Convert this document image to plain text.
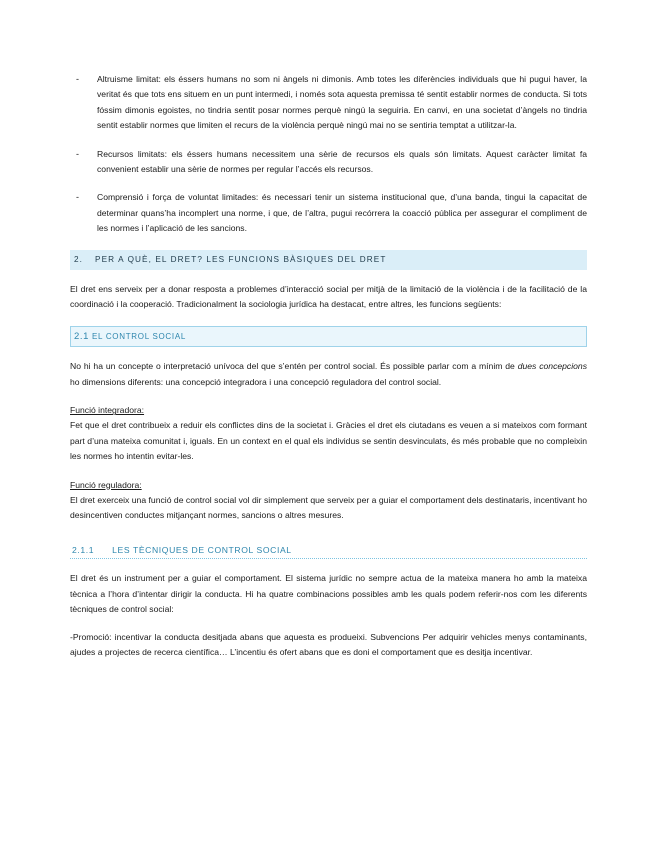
-	Altruisme limitat: els éssers humans no som ni àngels ni dimonis. Amb totes les diferències individuals que hi pugui haver, la veritat és que tots ens situem en un punt intermedi, i només sota aquesta premissa té sentit establir normes de conducta. Si tots fóssim dimonis egoistes, no tindria sentit posar normes perquè ningú la seguiria. En canvi, en una societat d’àngels no tindria sentit establir normes que limiten el recurs de la violència perquè ningú mai no se sentiria temptat a utilitzar-la.
-	Recursos limitats: els éssers humans necessitem una sèrie de recursos els quals són limitats. Aquest caràcter limitat fa convenient establir una sèrie de normes per regular l’accés els recursos.
-	Comprensió i força de voluntat limitades: és necessari tenir un sistema institucional que, d’una banda, tingui la capacitat de determinar quans’ha incomplert una norme, i que, de l’altra, pugui recórrera la coacció pública per assegurar el compliment de les normes i l’aplicació de les sancions.
2. PER A QUÈ, EL DRET? LES FUNCIONS BÀSIQUES DEL DRET

El dret ens serveix per a donar resposta a problemes d’interacció social per mitjà de la limitació de la violència i de la facilitació de la coordinació i la cooperació. Tradicionalment la sociologia jurídica ha destacat, entre altres, les funcions següents:

2.1 EL CONTROL SOCIAL

No hi ha un concepte o interpretació unívoca del que s’entén per control social. És possible parlar com a mínim de dues concepcions ho dimensions diferents: una concepció integradora i una concepció reguladora del control social.

Funció integradora:

Fet que el dret contribueix a reduir els conflictes dins de la societat i. Gràcies el dret els ciutadans es veuen a si mateixos com formant part d’una mateixa comunitat i, iguals. En un context en el qual els individus se sentin desvinculats, és més probable que no compleixin les normes ho intentin evitar-les.

Funció reguladora:

El dret exerceix una funció de control social vol dir simplement que serveix per a guiar el comportament dels destinataris, incentivant ho desincentiven conductes mitjançant normes, sancions o altres mesures.

2.1.1 LES TÈCNIQUES DE CONTROL SOCIAL

El dret és un instrument per a guiar el comportament. El sistema jurídic no sempre actua de la mateixa manera ho amb la mateixa tècnica a l’hora d’intentar dirigir la conducta. Hi ha quatre combinacions possibles amb les quals podem referir-nos com les diferents tècniques de control social:

-Promoció: incentivar la conducta desitjada abans que aquesta es produeixi. Subvencions Per adquirir vehicles menys contaminants, ajudes a projectes de recerca científica… L’incentiu és ofert abans que es doni el comportament que es desitja incentivar.
